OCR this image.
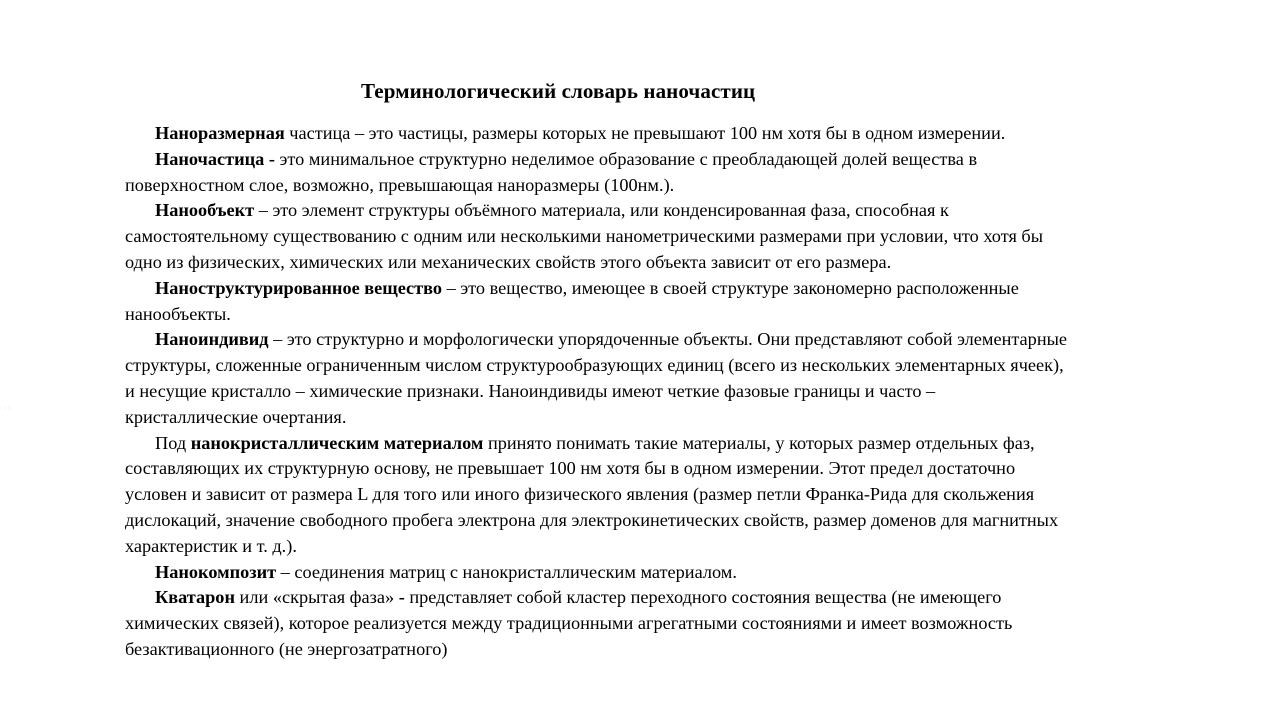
· ·
Терминологический словарь наночастиц
Наноразмерная частица – это частицы, размеры которых не превышают 100 нм хотя бы в одном измерении.
Наночастица - это минимальное структурно неделимое образование с преобладающей долей вещества в
поверхностном слое, возможно, превышающая наноразмеры (100нм.).
Нанообъект – это элемент структуры объёмного материала, или конденсированная фаза, способная к
самостоятельному существованию с одним или несколькими нанометрическими размерами при условии, что хотя бы
одно из физических, химических или механических свойств этого объекта зависит от его размера.
Наноструктурированное вещество – это вещество, имеющее в своей структуре закономерно расположенные
нанообъекты.
Наноиндивид – это структурно и морфологически упорядоченные объекты. Они представляют собой элементарные
структуры, сложенные ограниченным числом структурообразующих единиц (всего из нескольких элементарных ячеек),
и несущие кристалло – химические признаки. Наноиндивиды имеют четкие фазовые границы и часто –
кристаллические очертания.
Под нанокристаллическим материалом принято понимать такие материалы, у которых размер отдельных фаз,
составляющих их структурную основу, не превышает 100 нм хотя бы в одном измерении. Этот предел достаточно
условен и зависит от размера L для того или иного физического явления (размер петли Франка-Рида для скольжения
дислокаций, значение свободного пробега электрона для электрокинетических свойств, размер доменов для магнитных
характеристик и т. д.).
Нанокомпозит – соединения матриц с нанокристаллическим материалом.
Кватарон или «скрытая фаза» - представляет собой кластер переходного состояния вещества (не имеющего
химических связей), которое реализуется между традиционными агрегатными состояниями и имеет возможность
безактивационного (не энергозатратного)
